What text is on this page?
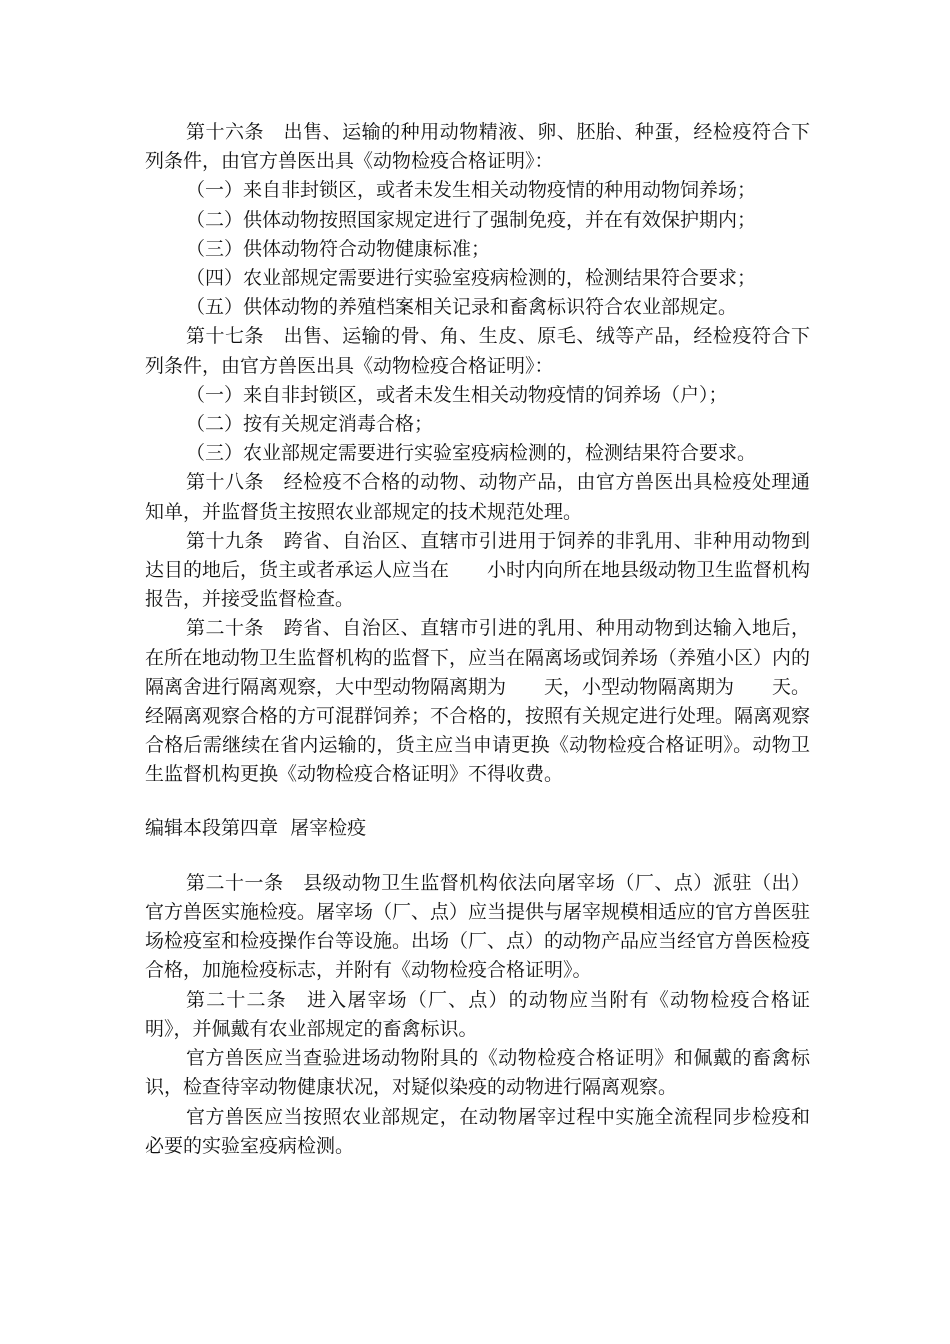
第十六条　出售、运输的种用动物精液、卵、胚胎、种蛋，经检疫符合下列条件，由官方兽医出具《动物检疫合格证明》：

（一）来自非封锁区，或者未发生相关动物疫情的种用动物饲养场；

（二）供体动物按照国家规定进行了强制免疫，并在有效保护期内；

（三）供体动物符合动物健康标准；

（四）农业部规定需要进行实验室疫病检测的，检测结果符合要求；

（五）供体动物的养殖档案相关记录和畜禽标识符合农业部规定。

第十七条　出售、运输的骨、角、生皮、原毛、绒等产品，经检疫符合下列条件，由官方兽医出具《动物检疫合格证明》：

（一）来自非封锁区，或者未发生相关动物疫情的饲养场（户）；

（二）按有关规定消毒合格；

（三）农业部规定需要进行实验室疫病检测的，检测结果符合要求。

第十八条　经检疫不合格的动物、动物产品，由官方兽医出具检疫处理通知单，并监督货主按照农业部规定的技术规范处理。

第十九条　跨省、自治区、直辖市引进用于饲养的非乳用、非种用动物到达目的地后，货主或者承运人应当在　　小时内向所在地县级动物卫生监督机构报告，并接受监督检查。

第二十条　跨省、自治区、直辖市引进的乳用、种用动物到达输入地后，在所在地动物卫生监督机构的监督下，应当在隔离场或饲养场（养殖小区）内的隔离舍进行隔离观察，大中型动物隔离期为　　天，小型动物隔离期为　　天。经隔离观察合格的方可混群饲养；不合格的，按照有关规定进行处理。隔离观察合格后需继续在省内运输的，货主应当申请更换《动物检疫合格证明》。动物卫生监督机构更换《动物检疫合格证明》不得收费。

编辑本段第四章  屠宰检疫

第二十一条　县级动物卫生监督机构依法向屠宰场（厂、点）派驻（出）官方兽医实施检疫。屠宰场（厂、点）应当提供与屠宰规模相适应的官方兽医驻场检疫室和检疫操作台等设施。出场（厂、点）的动物产品应当经官方兽医检疫合格，加施检疫标志，并附有《动物检疫合格证明》。

第二十二条　进入屠宰场（厂、点）的动物应当附有《动物检疫合格证明》，并佩戴有农业部规定的畜禽标识。

官方兽医应当查验进场动物附具的《动物检疫合格证明》和佩戴的畜禽标识，检查待宰动物健康状况，对疑似染疫的动物进行隔离观察。

官方兽医应当按照农业部规定，在动物屠宰过程中实施全流程同步检疫和必要的实验室疫病检测。
